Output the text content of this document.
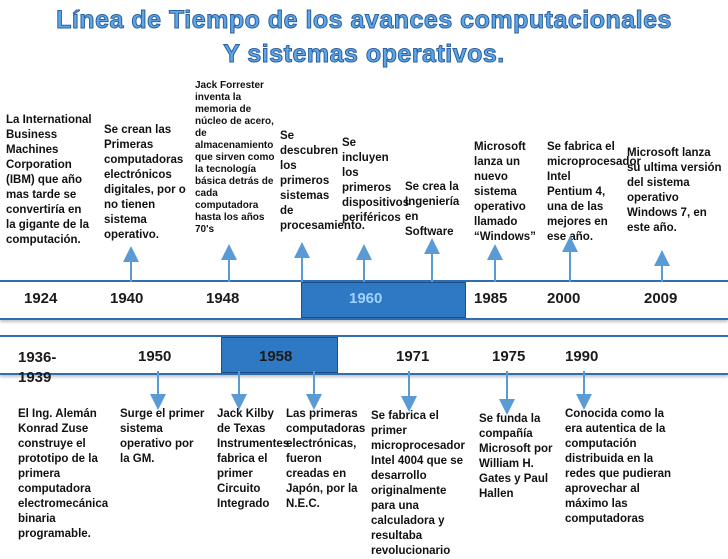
Línea de Tiempo de los avances computacionales
Y sistemas operativos.
La International Business Machines Corporation (IBM) que año mas tarde se convertiría en la gigante de la computación.
Se crean las Primeras computadoras electrónicos digitales, por o no tienen sistema operativo.
Jack Forrester inventa la memoria de núcleo de acero, de almacenamiento que sirven como la tecnología básica detrás de cada computadora hasta los años 70's
Se descubren los primeros sistemas de procesamiento.
Se incluyen los primeros dispositivos periféricos
Se crea la Ingeniería en Software
Microsoft lanza un nuevo sistema operativo llamado “Windows”
Se fabrica el microprocesador Intel Pentium 4, una de las mejores en ese año.
Microsoft lanza su ultima versión del sistema operativo Windows 7, en este año.
1924	1940	1948	1960	1985	2000	2009
1936-
1939
1950	1958	1971	1975	1990
El Ing. Alemán Konrad Zuse construye el prototipo de la primera computadora electromecánica binaria programable.
Surge el primer sistema operativo por la GM.
Jack Kilby de Texas Instrumentes fabrica el primer Circuito Integrado
Las primeras computadoras electrónicas, fueron creadas en Japón, por la N.E.C.
Se fabrica el primer microprocesador Intel 4004 que se desarrollo originalmente para una calculadora y resultaba revolucionario
Se funda la compañía Microsoft por William H. Gates y Paul Hallen
Conocida como la era autentica de la computación distribuida en la redes que pudieran aprovechar al máximo las computadoras
